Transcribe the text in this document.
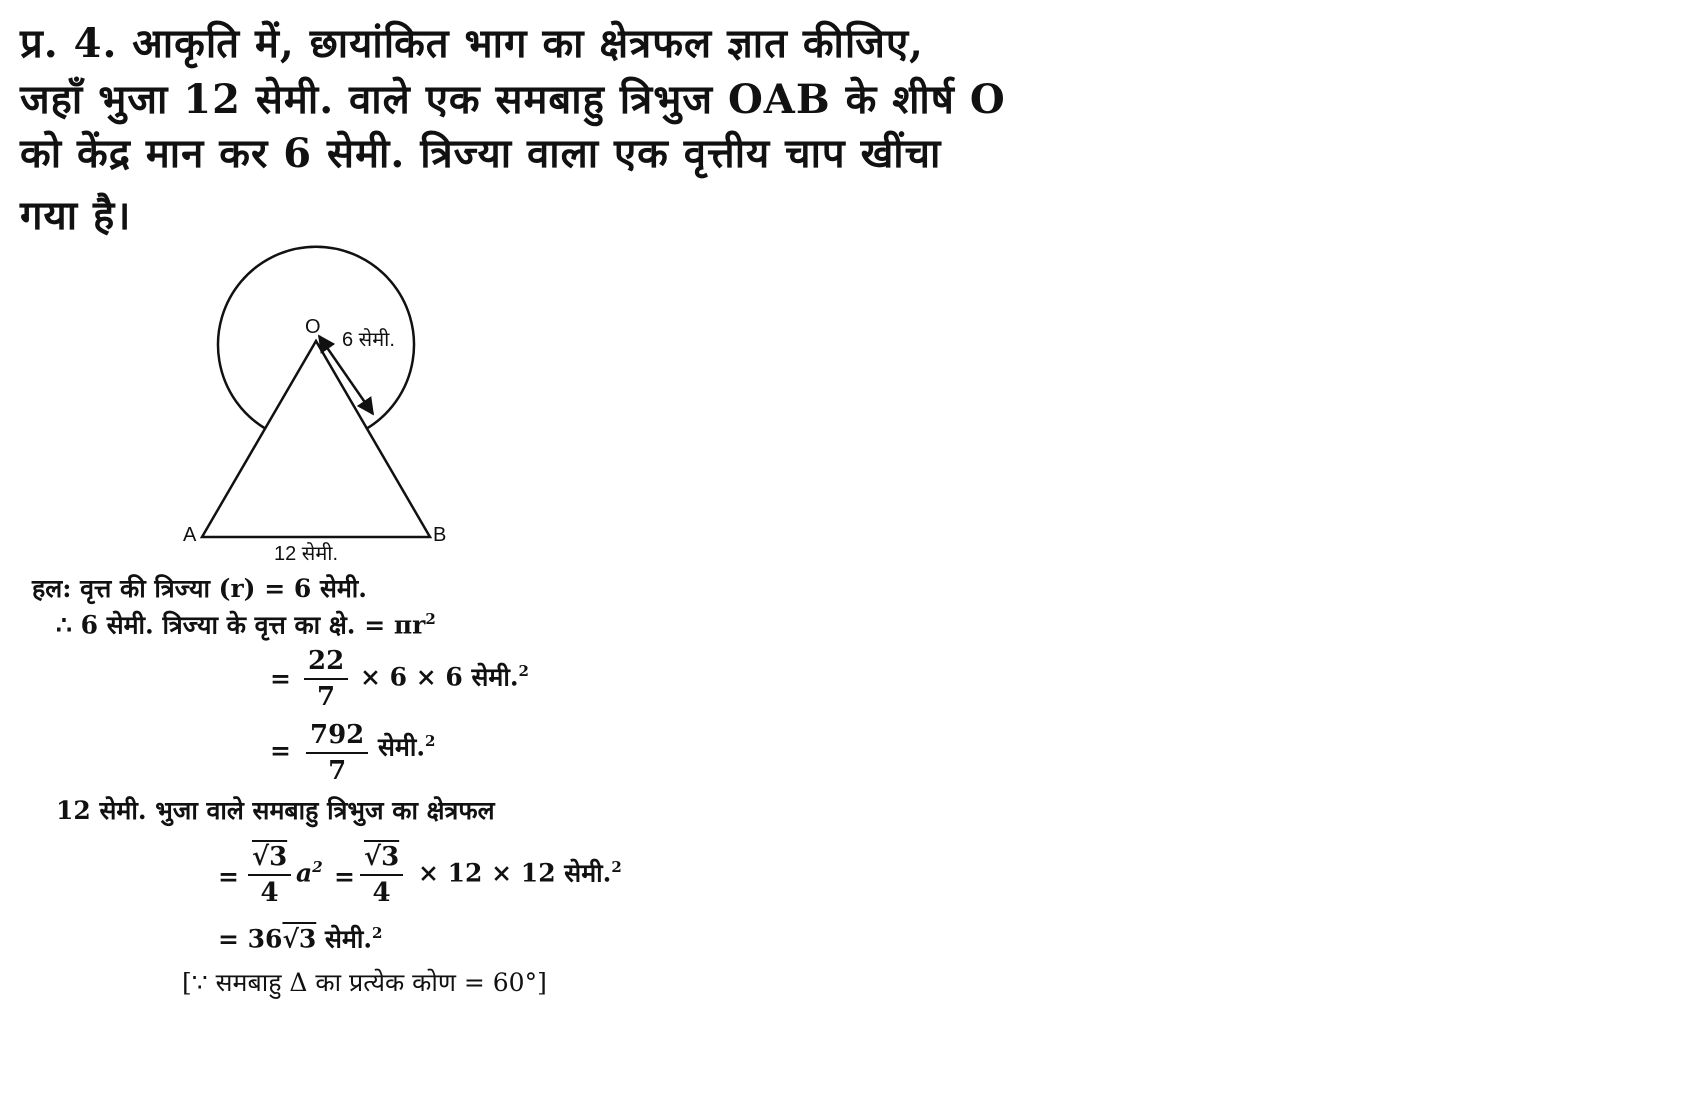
प्र. 4. आकृति में, छायांकित भाग का क्षेत्रफल ज्ञात कीजिए,
जहाँ भुजा 12 सेमी. वाले एक समबाहु त्रिभुज OAB के शीर्ष O
को केंद्र मान कर 6 सेमी. त्रिज्या वाला एक वृत्तीय चाप खींचा
गया है।
O
6 सेमी.
A	B
12 सेमी.
हल: वृत्त की त्रिज्या (r) = 6 सेमी.
∴ 6 सेमी. त्रिज्या के वृत्त का क्षे. = $\pi r^2$
= $\frac{22}{7} \times 6 \times 6$ सेमी.$^2$
= $\frac{792}{7}$ सेमी.$^2$
12 सेमी. भुजा वाले समबाहु त्रिभुज का क्षेत्रफल
= $\frac{√3}{4} a^2 = \frac{√3}{4} \times 12 \times 12$ सेमी.$^2$
= 36√3 सेमी.$^2$
[∵ समबाहु Δ का प्रत्येक कोण = 60°]
